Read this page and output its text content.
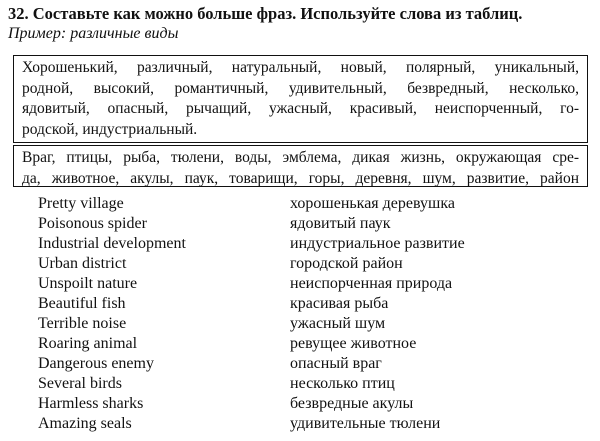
32. Составьте как можно больше фраз. Используйте слова из таблиц.
Пример: различные виды
Хорошенький, различный, натуральный, новый, полярный, уникальный,
родной, высокий, романтичный, удивительный, безвредный, несколько,
ядовитый, опасный, рычащий, ужасный, красивый, неиспорченный, го-
родской, индустриальный.
Враг, птицы, рыба, тюлени, воды, эмблема, дикая жизнь, окружающая сре-
да, животное, акулы, паук, товарищи, горы, деревня, шум, развитие, район
Pretty village	хорошенькая деревушка
Poisonous spider	ядовитый паук
Industrial development	индустриальное развитие
Urban district	городской район
Unspoilt nature	неиспорченная природа
Beautiful fish	красивая рыба
Terrible noise	ужасный шум
Roaring animal	ревущее животное
Dangerous enemy	опасный враг
Several birds	несколько птиц
Harmless sharks	безвредные акулы
Amazing seals	удивительные тюлени
